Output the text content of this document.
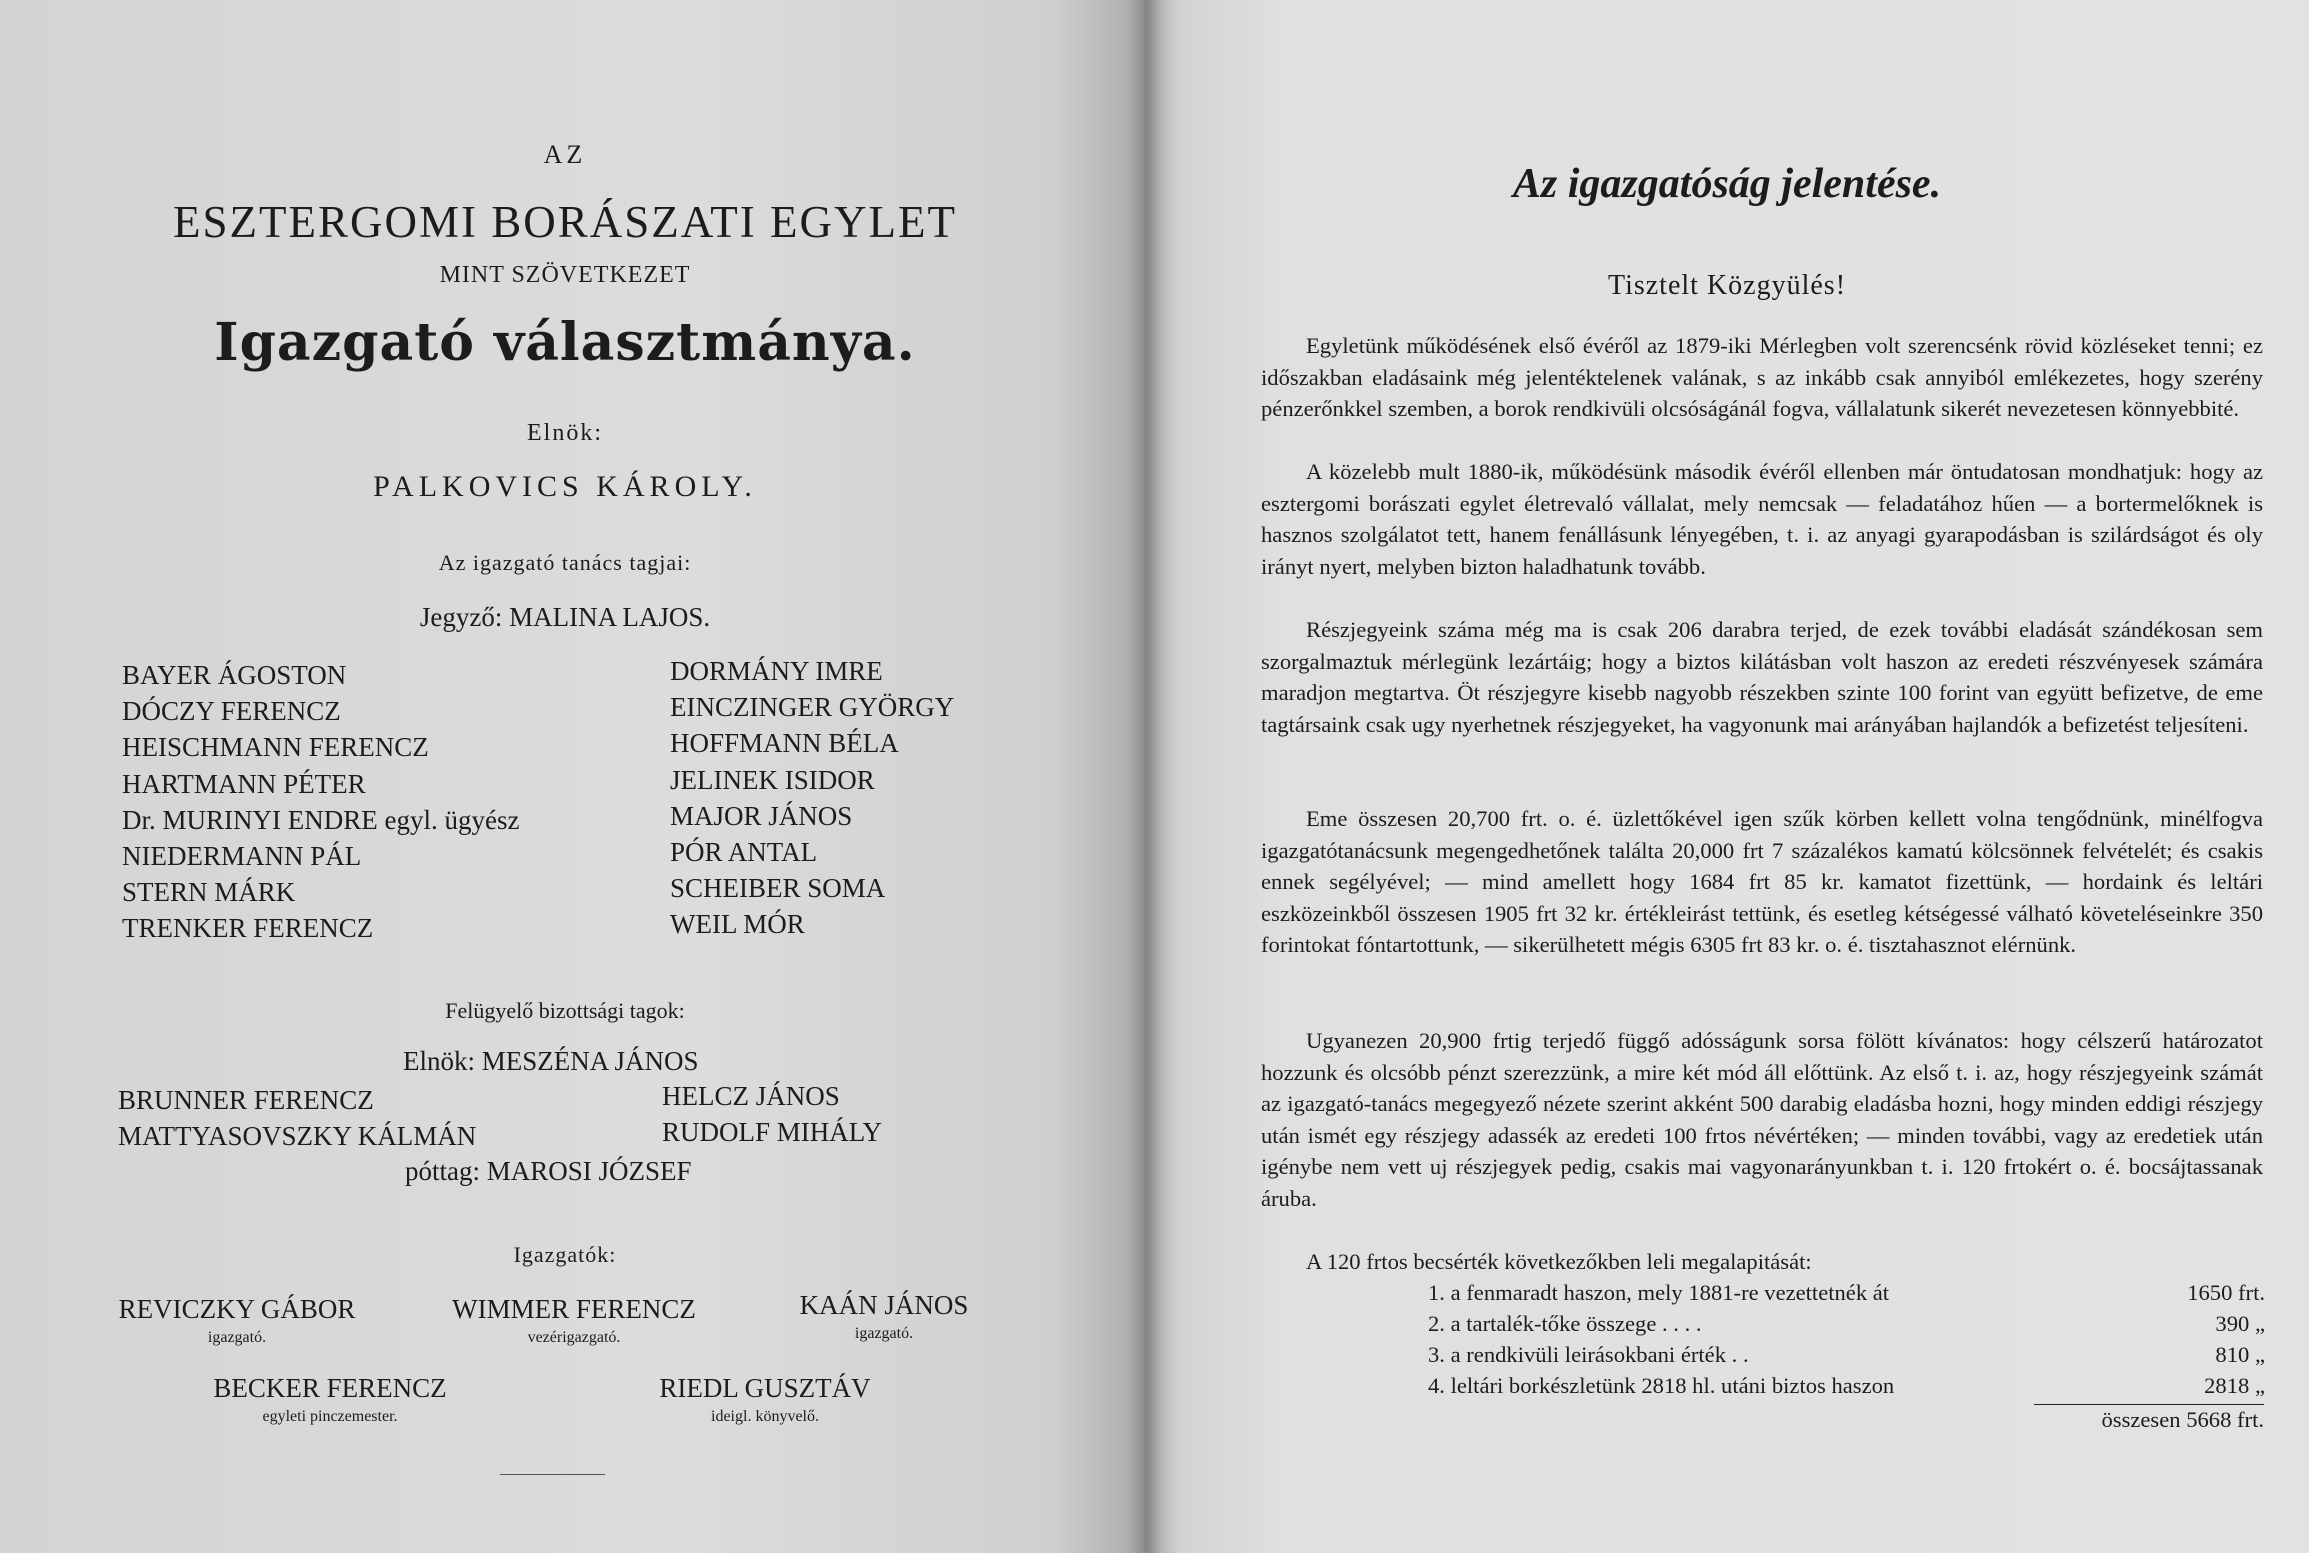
AZ
ESZTERGOMI BORÁSZATI EGYLET
MINT SZÖVETKEZET
Igazgató választmánya.
Elnök:
PALKOVICS KÁROLY.
Az igazgató tanács tagjai:
Jegyző: MALINA LAJOS.
BAYER ÁGOSTON
DÓCZY FERENCZ
HEISCHMANN FERENCZ
HARTMANN PÉTER
Dr. MURINYI ENDRE egyl. ügyész
NIEDERMANN PÁL
STERN MÁRK
TRENKER FERENCZ
DORMÁNY IMRE
EINCZINGER GYÖRGY
HOFFMANN BÉLA
JELINEK ISIDOR
MAJOR JÁNOS
PÓR ANTAL
SCHEIBER SOMA
WEIL MÓR
Felügyelő bizottsági tagok:
Elnök: MESZÉNA JÁNOS
BRUNNER FERENCZ
MATTYASOVSZKY KÁLMÁN
HELCZ JÁNOS
RUDOLF MIHÁLY
póttag: MAROSI JÓZSEF
Igazgatók:
REVICZKY GÁBOR
igazgató.
WIMMER FERENCZ
vezérigazgató.
KAÁN JÁNOS
igazgató.
BECKER FERENCZ
egyleti pinczemester.
RIEDL GUSZTÁV
ideigl. könyvelő.
Az igazgatóság jelentése.
Tisztelt Közgyülés!
Egyletünk működésének első évéről az 1879-iki Mérlegben volt szerencsénk rövid közléseket tenni; ez időszakban eladásaink még jelentéktelenek valának, s az inkább csak annyiból emlékezetes, hogy szerény pénzerőnkkel szemben, a borok rendkivüli olcsóságánál fogva, vállalatunk sikerét nevezetesen könnyebbité.
A közelebb mult 1880-ik, működésünk második évéről ellenben már öntudatosan mondhatjuk: hogy az esztergomi borászati egylet életrevaló vállalat, mely nemcsak — feladatához hűen — a bortermelőknek is hasznos szolgálatot tett, hanem fenállásunk lényegében, t. i. az anyagi gyarapodásban is szilárdságot és oly irányt nyert, melyben bizton haladhatunk tovább.
Részjegyeink száma még ma is csak 206 darabra terjed, de ezek további eladását szándékosan sem szorgalmaztuk mérlegünk lezártáig; hogy a biztos kilátásban volt haszon az eredeti részvényesek számára maradjon megtartva. Öt részjegyre kisebb nagyobb részekben szinte 100 forint van együtt befizetve, de eme tagtársaink csak ugy nyerhetnek részjegyeket, ha vagyonunk mai arányában hajlandók a befizetést teljesíteni.
Eme összesen 20,700 frt. o. é. üzlettőkével igen szűk körben kellett volna tengődnünk, minélfogva igazgatótanácsunk megengedhetőnek találta 20,000 frt 7 százalékos kamatú kölcsönnek felvételét; és csakis ennek segélyével; — mind amellett hogy 1684 frt 85 kr. kamatot fizettünk, — hordaink és leltári eszközeinkből összesen 1905 frt 32 kr. értékleirást tettünk, és esetleg kétségessé válható követeléseinkre 350 forintokat fóntartottunk, — sikerülhetett mégis 6305 frt 83 kr. o. é. tisztahasznot elérnünk.
Ugyanezen 20,900 frtig terjedő függő adósságunk sorsa fölött kívánatos: hogy célszerű határozatot hozzunk és olcsóbb pénzt szerezzünk, a mire két mód áll előttünk. Az első t. i. az, hogy részjegyeink számát az igazgató-tanács megegyező nézete szerint akként 500 darabig eladásba hozni, hogy minden eddigi részjegy után ismét egy részjegy adassék az eredeti 100 frtos névértéken; — minden további, vagy az eredetiek után igénybe nem vett uj részjegyek pedig, csakis mai vagyonarányunkban t. i. 120 frtokért o. é. bocsájtassanak áruba.
A 120 frtos becsérték következőkben leli megalapitását:
1. a fenmaradt haszon, mely 1881-re vezettetnék át	1650 frt.
2. a tartalék-tőke összege . . . .	390 „
3. a rendkivüli leirásokbani érték . .	810 „
4. leltári borkészletünk 2818 hl. utáni biztos haszon	2818 „
összesen 5668 frt.
